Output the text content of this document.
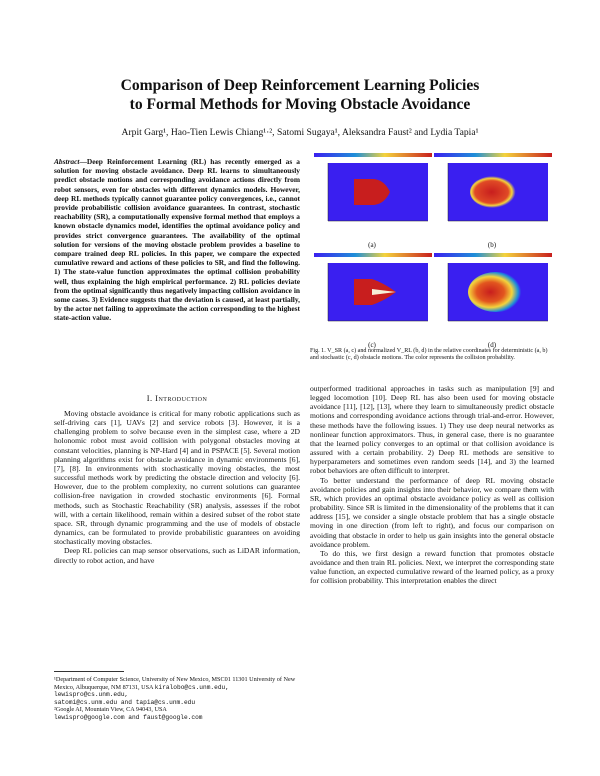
Comparison of Deep Reinforcement Learning Policies
to Formal Methods for Moving Obstacle Avoidance
Arpit Garg¹, Hao-Tien Lewis Chiang¹·², Satomi Sugaya¹, Aleksandra Faust² and Lydia Tapia¹
Abstract—Deep Reinforcement Learning (RL) has recently emerged as a solution for moving obstacle avoidance. Deep RL learns to simultaneously predict obstacle motions and corresponding avoidance actions directly from robot sensors, even for obstacles with different dynamics models. However, deep RL methods typically cannot guarantee policy convergences, i.e., cannot provide probabilistic collision avoidance guarantees. In contrast, stochastic reachability (SR), a computationally expensive formal method that employs a known obstacle dynamics model, identifies the optimal avoidance policy and provides strict convergence guarantees. The availability of the optimal solution for versions of the moving obstacle problem provides a baseline to compare trained deep RL policies. In this paper, we compare the expected cumulative reward and actions of these policies to SR, and find the following. 1) The state-value function approximates the optimal collision probability well, thus explaining the high empirical performance. 2) RL policies deviate from the optimal significantly thus negatively impacting collision avoidance in some cases. 3) Evidence suggests that the deviation is caused, at least partially, by the actor net failing to approximate the action corresponding to the highest state-action value.
I. Introduction

Moving obstacle avoidance is critical for many robotic applications such as self-driving cars [1], UAVs [2] and service robots [3]. However, it is a challenging problem to solve because even in the simplest case, where a 2D holonomic robot must avoid collision with polygonal obstacles moving at constant velocities, planning is NP-Hard [4] and in PSPACE [5]. Several motion planning algorithms exist for obstacle avoidance in dynamic environments [6], [7], [8]. In environments with stochastically moving obstacles, the most successful methods work by predicting the obstacle direction and velocity [6]. However, due to the problem complexity, no current solutions can guarantee collision-free navigation in crowded stochastic environments [6]. Formal methods, such as Stochastic Reachability (SR) analysis, assesses if the robot will, with a certain likelihood, remain within a desired subset of the robot state space. SR, through dynamic programming and the use of models of obstacle dynamics, can be formulated to provide probabilistic guarantees on avoiding stochastically moving obstacles.

Deep RL policies can map sensor observations, such as LiDAR information, directly to robot action, and have

¹Department of Computer Science, University of New Mexico, MSC01 11301 University of New Mexico, Albuquerque, NM 87131, USA kiralobo@cs.unm.edu, lewispro@cs.unm.edu,
satomi@cs.unm.edu and tapia@cs.unm.edu
²Google AI, Mountain View, CA 94043, USA
lewispro@google.com and faust@google.com
(a)	(b)
(c)	(d)
Fig. 1. V_SR (a, c) and normalized V_RL (b, d) in the relative coordinates for deterministic (a, b) and stochastic (c, d) obstacle motions. The color represents the collision probability.

outperformed traditional approaches in tasks such as manipulation [9] and legged locomotion [10]. Deep RL has also been used for moving obstacle avoidance [11], [12], [13], where they learn to simultaneously predict obstacle motions and corresponding avoidance actions through trial-and-error. However, these methods have the following issues. 1) They use deep neural networks as nonlinear function approximators. Thus, in general case, there is no guarantee that the learned policy converges to an optimal or that collision avoidance is assured with a certain probability. 2) Deep RL methods are sensitive to hyperparameters and sometimes even random seeds [14], and 3) the learned robot behaviors are often difficult to interpret.

To better understand the performance of deep RL moving obstacle avoidance policies and gain insights into their behavior, we compare them with SR, which provides an optimal obstacle avoidance policy as well as collision probability. Since SR is limited in the dimensionality of the problems that it can address [15], we consider a single obstacle problem that has a single obstacle moving in one direction (from left to right), and focus our comparison on avoiding that obstacle in order to help us gain insights into the general obstacle avoidance problem.

To do this, we first design a reward function that promotes obstacle avoidance and then train RL policies. Next, we interpret the corresponding state value function, an expected cumulative reward of the learned policy, as a proxy for collision probability. This interpretation enables the direct
